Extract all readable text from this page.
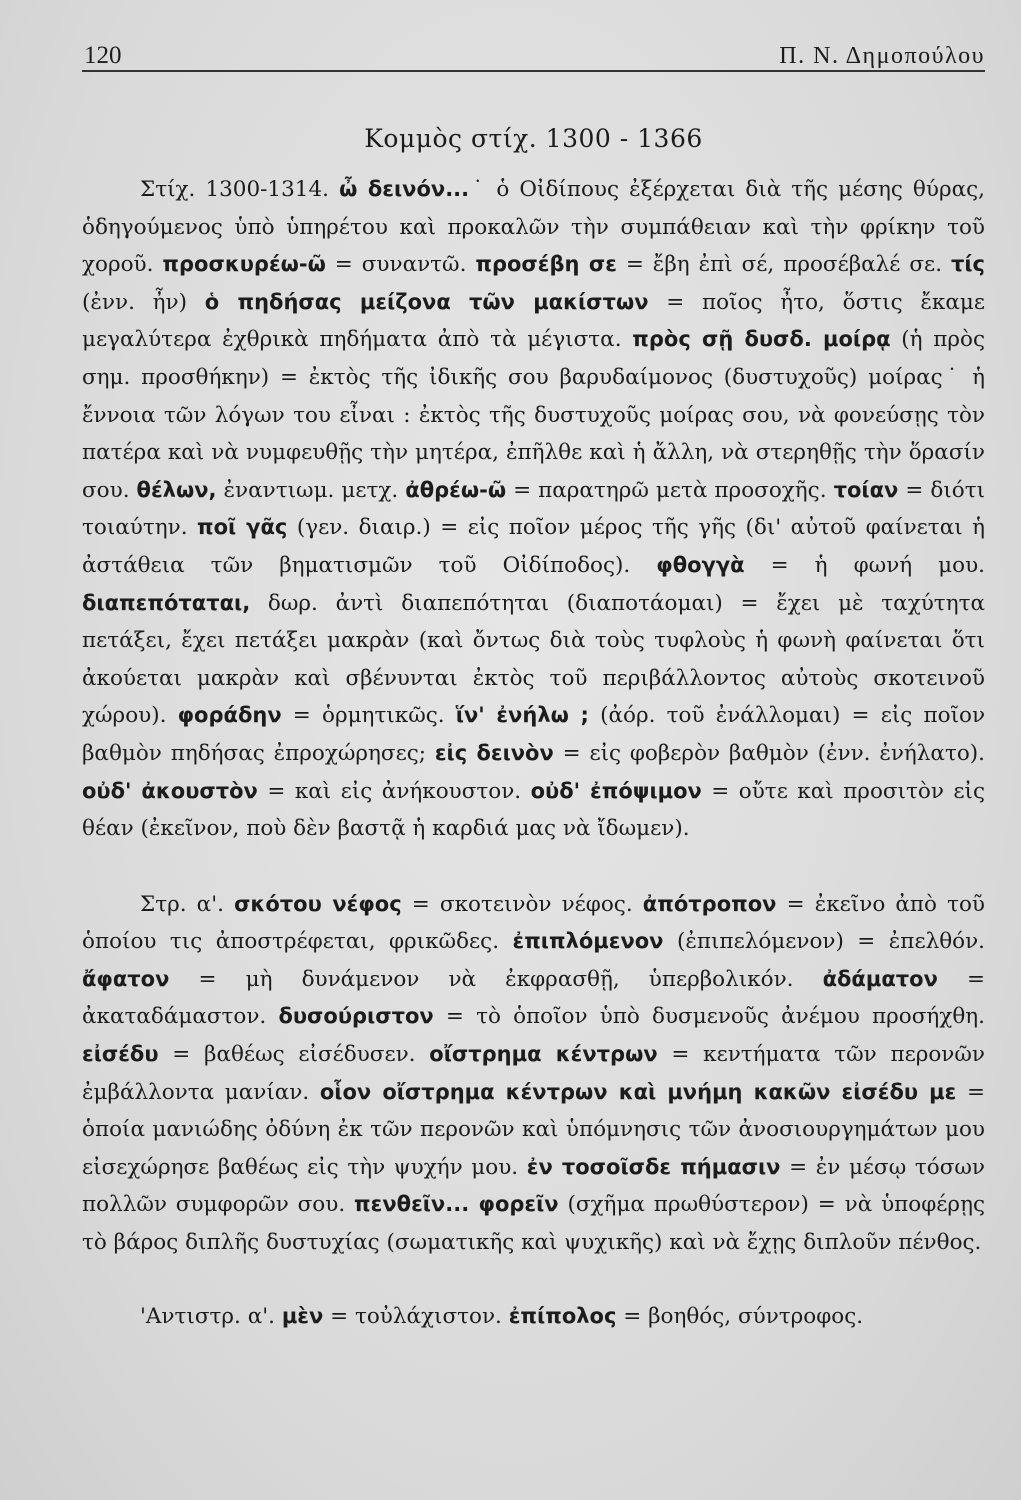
120	Π. Ν. Δημοπούλου
Κομμὸς στίχ. 1300 - 1366

Στίχ. 1300-1314. ὦ δεινόν...˙ ὁ Οἰδίπους ἐξέρχεται διὰ τῆς μέσης θύρας, ὁδηγούμενος ὑπὸ ὑπηρέτου καὶ προκαλῶν τὴν συμπάθειαν καὶ τὴν φρίκην τοῦ χοροῦ. προσκυρέω-ῶ = συναντῶ. προσέβη σε = ἔβη ἐπὶ σέ, προσέβαλέ σε. τίς (ἐνν. ἦν) ὁ πηδήσας μείζονα τῶν μακίστων = ποῖος ἦτο, ὅστις ἔκαμε μεγαλύτερα ἐχθρικὰ πηδήματα ἀπὸ τὰ μέγιστα. πρὸς σῇ δυσδ. μοίρᾳ (ἡ πρὸς σημ. προσθήκην) = ἐκτὸς τῆς ἰδικῆς σου βαρυδαίμονος (δυστυχοῦς) μοίρας˙ ἡ ἔννοια τῶν λόγων του εἶναι : ἐκτὸς τῆς δυστυχοῦς μοίρας σου, νὰ φονεύσῃς τὸν πατέρα καὶ νὰ νυμφευθῇς τὴν μητέρα, ἐπῆλθε καὶ ἡ ἄλλη, νὰ στερηθῇς τὴν ὅρασίν σου. θέλων, ἐναντιωμ. μετχ. ἀθρέω-ῶ = παρατηρῶ μετὰ προσοχῆς. τοίαν = διότι τοιαύτην. ποῖ γᾶς (γεν. διαιρ.) = εἰς ποῖον μέρος τῆς γῆς (δι' αὐτοῦ φαίνεται ἡ ἀστάθεια τῶν βηματισμῶν τοῦ Οἰδίποδος). φθογγὰ = ἡ φωνή μου. διαπεπόταται, δωρ. ἀντὶ διαπεπότηται (διαποτάομαι) = ἔχει μὲ ταχύτητα πετάξει, ἔχει πετάξει μακρὰν (καὶ ὄντως διὰ τοὺς τυφλοὺς ἡ φωνὴ φαίνεται ὅτι ἀκούεται μακρὰν καὶ σβένυνται ἐκτὸς τοῦ περιβάλλοντος αὐτοὺς σκοτεινοῦ χώρου). φοράδην = ὁρμητικῶς. ἵν' ἐνήλω ; (ἀόρ. τοῦ ἐνάλλομαι) = εἰς ποῖον βαθμὸν πηδήσας ἐπροχώρησες; εἰς δεινὸν = εἰς φοβερὸν βαθμὸν (ἐνν. ἐνήλατο). οὐδ' ἀκουστὸν = καὶ εἰς ἀνήκουστον. οὐδ' ἐπόψιμον = οὔτε καὶ προσιτὸν εἰς θέαν (ἐκεῖνον, ποὺ δὲν βαστᾷ ἡ καρδιά μας νὰ ἴδωμεν).

Στρ. α'. σκότου νέφος = σκοτεινὸν νέφος. ἀπότροπον = ἐκεῖνο ἀπὸ τοῦ ὁποίου τις ἀποστρέφεται, φρικῶδες. ἐπιπλόμενον (ἐπιπελόμενον) = ἐπελθόν. ἄφατον = μὴ δυνάμενον νὰ ἐκφρασθῇ, ὑπερβολικόν. ἀδάματον = ἀκαταδάμαστον. δυσούριστον = τὸ ὁποῖον ὑπὸ δυσμενοῦς ἀνέμου προσήχθη. εἰσέδυ = βαθέως εἰσέδυσεν. οἴστρημα κέντρων = κεντήματα τῶν περονῶν ἐμβάλλοντα μανίαν. οἷον οἴστρημα κέντρων καὶ μνήμη κακῶν εἰσέδυ με = ὁποία μανιώδης ὀδύνη ἐκ τῶν περονῶν καὶ ὑπόμνησις τῶν ἀνοσιουργημάτων μου εἰσεχώρησε βαθέως εἰς τὴν ψυχήν μου. ἐν τοσοῖσδε πήμασιν = ἐν μέσῳ τόσων πολλῶν συμφορῶν σου. πενθεῖν... φορεῖν (σχῆμα πρωθύστερον) = νὰ ὑποφέρῃς τὸ βάρος διπλῆς δυστυχίας (σωματικῆς καὶ ψυχικῆς) καὶ νὰ ἔχῃς διπλοῦν πένθος.

'Αντιστρ. α'. μὲν = τοὐλάχιστον. ἐπίπολος = βοηθός, σύντροφος.
